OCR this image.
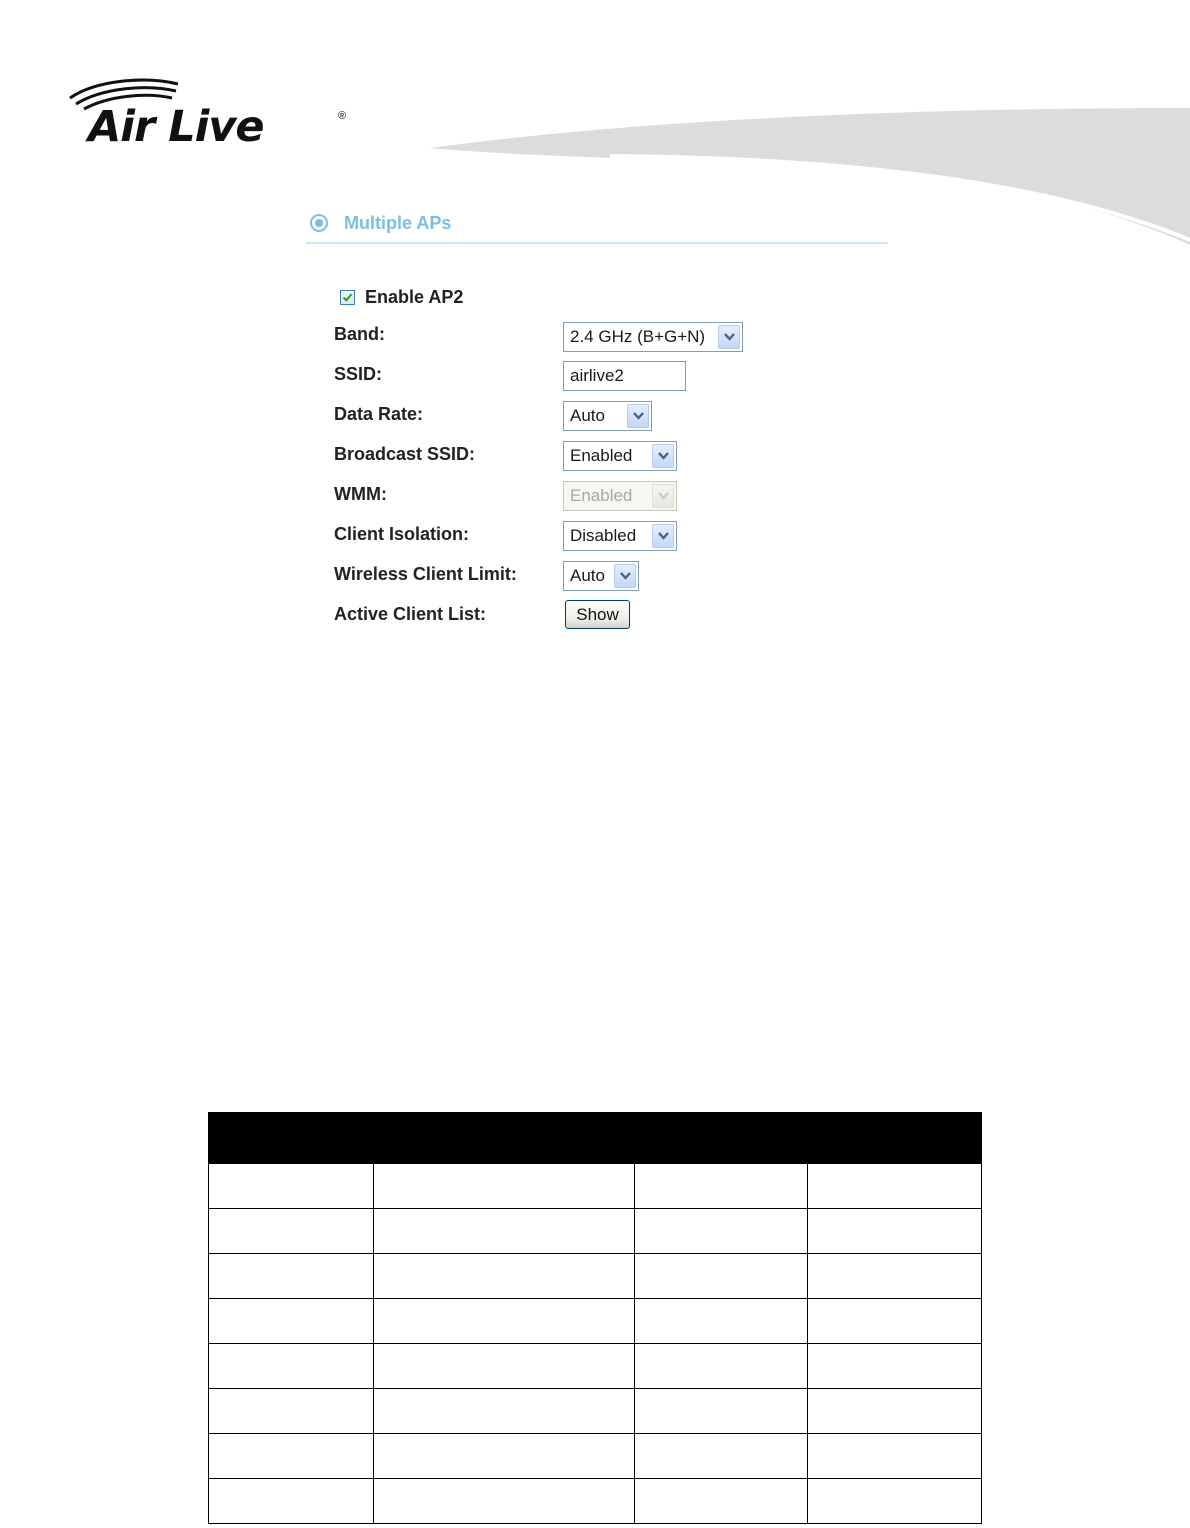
Air Live	®
Multiple APs
Enable AP2
Band:	2.4 GHz (B+G+N)
SSID:
airlive2
Data Rate:	Auto
Broadcast SSID:	Enabled
WMM:	Enabled
Client Isolation:	Disabled
Wireless Client Limit:	Auto
Active Client List:	Show
